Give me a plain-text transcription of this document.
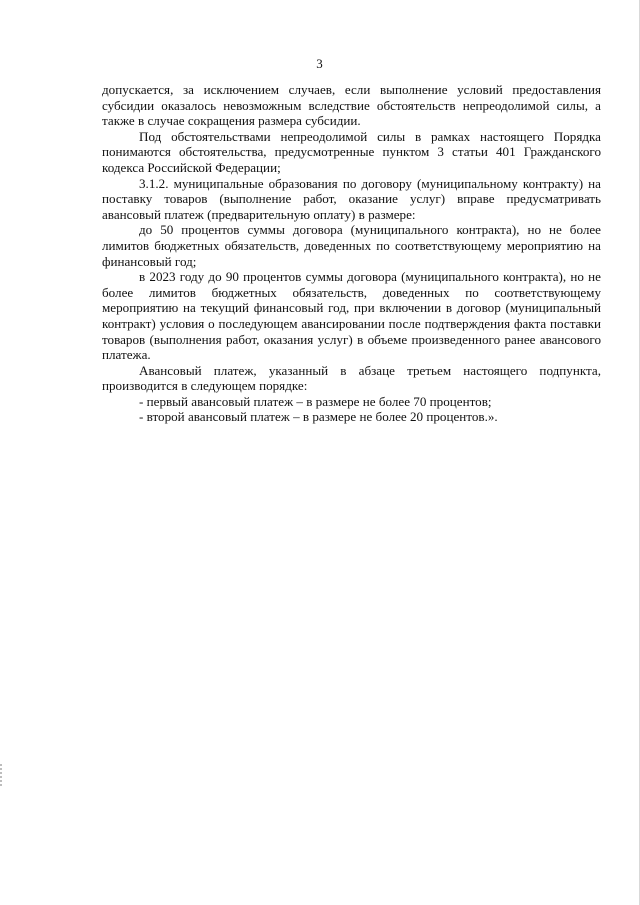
3

допускается, за исключением случаев, если выполнение условий предоставления субсидии оказалось невозможным вследствие обстоятельств непреодолимой силы, а также в случае сокращения размера субсидии.

Под обстоятельствами непреодолимой силы в рамках настоящего Порядка понимаются обстоятельства, предусмотренные пунктом 3 статьи 401 Гражданского кодекса Российской Федерации;

3.1.2. муниципальные образования по договору (муниципальному контракту) на поставку товаров (выполнение работ, оказание услуг) вправе предусматривать авансовый платеж (предварительную оплату) в размере:

до 50 процентов суммы договора (муниципального контракта), но не более лимитов бюджетных обязательств, доведенных по соответствующему мероприятию на финансовый год;

в 2023 году до 90 процентов суммы договора (муниципального контракта), но не более лимитов бюджетных обязательств, доведенных по соответствующему мероприятию на текущий финансовый год, при включении в договор (муниципальный контракт) условия о последующем авансировании после подтверждения факта поставки товаров (выполнения работ, оказания услуг) в объеме произведенного ранее авансового платежа.

Авансовый платеж, указанный в абзаце третьем настоящего подпункта, производится в следующем порядке:

- первый авансовый платеж – в размере не более 70 процентов;

- второй авансовый платеж – в размере не более 20 процентов.».
